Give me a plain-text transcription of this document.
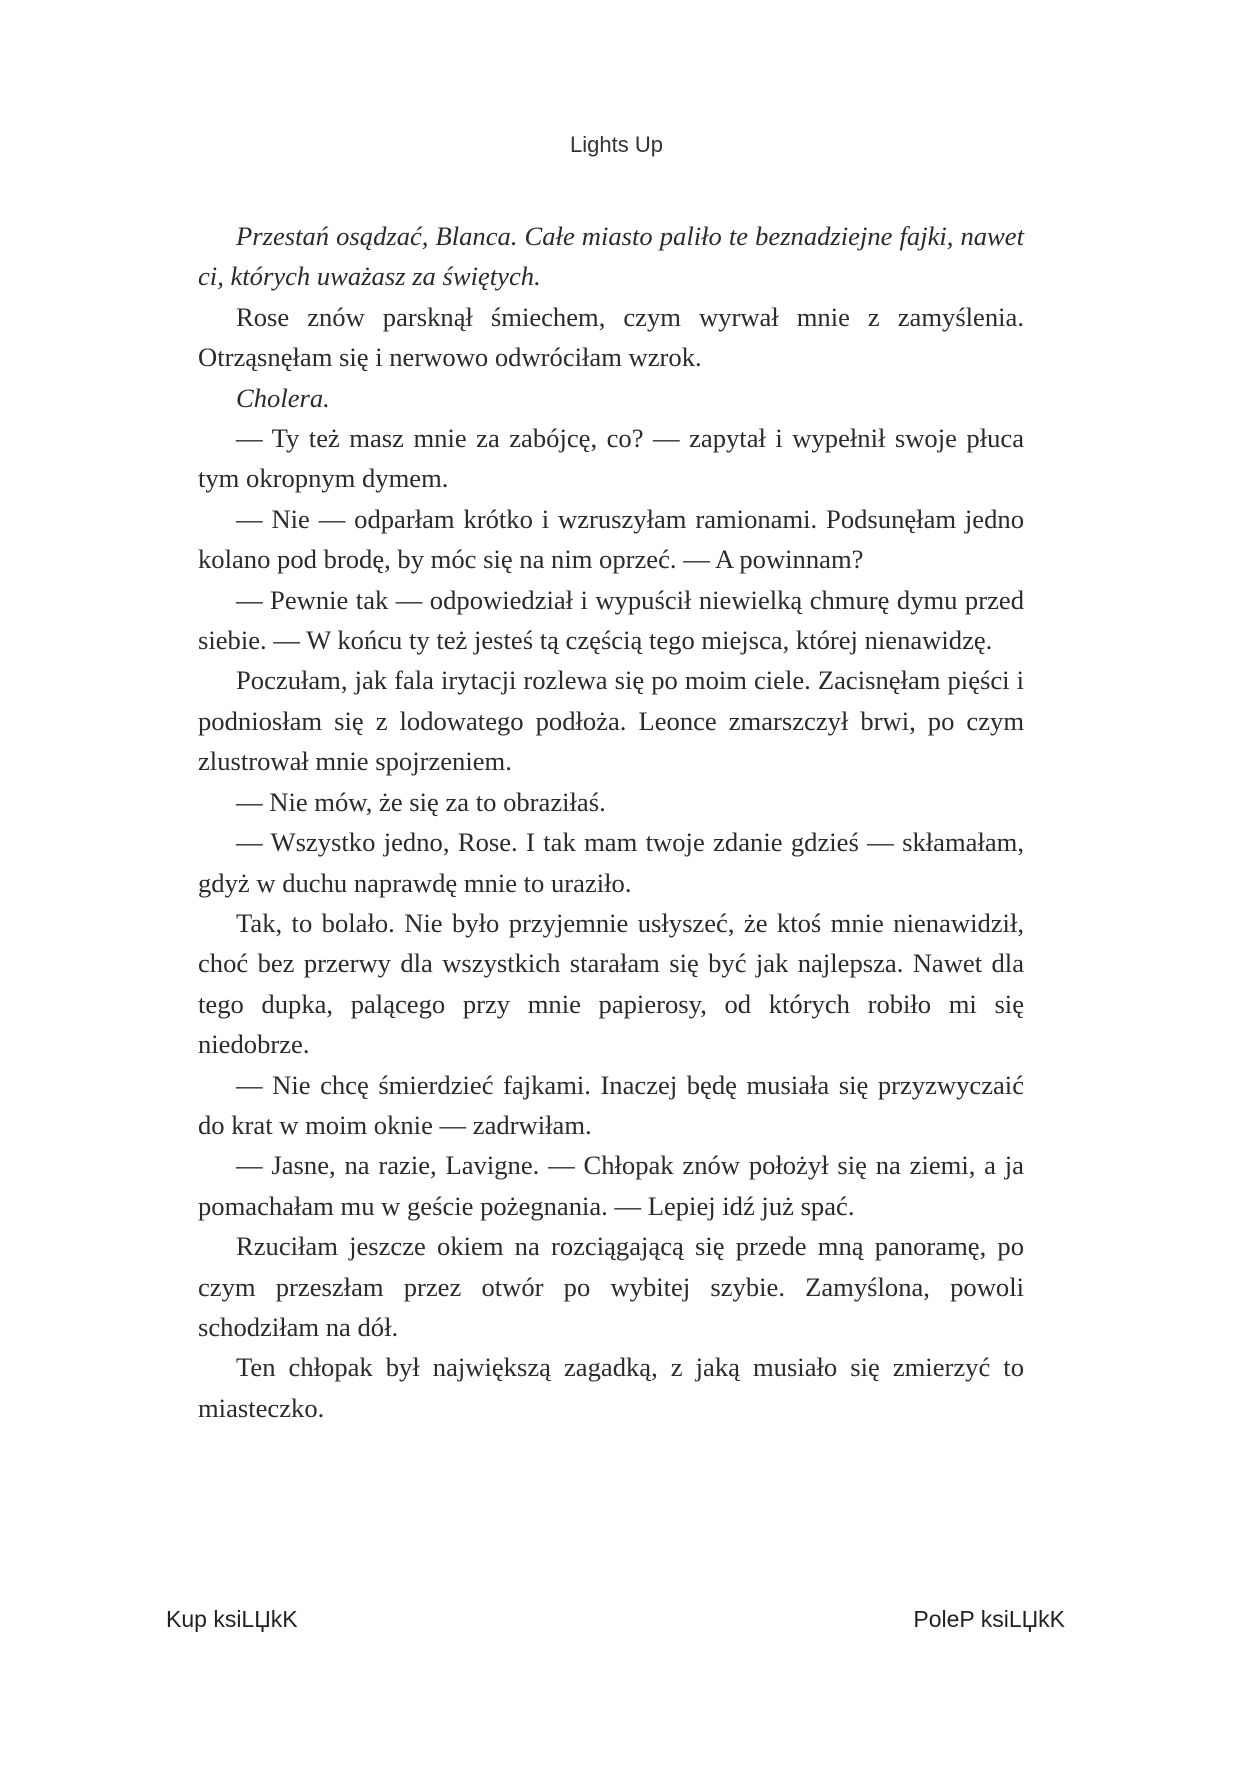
Lights Up

Przestań osądzać, Blanca. Całe miasto paliło te beznadziejne fajki, nawet ci, których uważasz za świętych.

Rose znów parsknął śmiechem, czym wyrwał mnie z zamyślenia. Otrząsnęłam się i nerwowo odwróciłam wzrok.

Cholera.

— Ty też masz mnie za zabójcę, co? — zapytał i wypełnił swoje płuca tym okropnym dymem.

— Nie — odparłam krótko i wzruszyłam ramionami. Podsunęłam jedno kolano pod brodę, by móc się na nim oprzeć. — A powinnam?

— Pewnie tak — odpowiedział i wypuścił niewielką chmurę dymu przed siebie. — W końcu ty też jesteś tą częścią tego miejsca, której nienawidzę.

Poczułam, jak fala irytacji rozlewa się po moim ciele. Zacisnęłam pięści i podniosłam się z lodowatego podłoża. Leonce zmarszczył brwi, po czym zlustrował mnie spojrzeniem.

— Nie mów, że się za to obraziłaś.

— Wszystko jedno, Rose. I tak mam twoje zdanie gdzieś — skłamałam, gdyż w duchu naprawdę mnie to uraziło.

Tak, to bolało. Nie było przyjemnie usłyszeć, że ktoś mnie nienawidził, choć bez przerwy dla wszystkich starałam się być jak najlepsza. Nawet dla tego dupka, palącego przy mnie papierosy, od których robiło mi się niedobrze.

— Nie chcę śmierdzieć fajkami. Inaczej będę musiała się przyzwyczaić do krat w moim oknie — zadrwiłam.

— Jasne, na razie, Lavigne. — Chłopak znów położył się na ziemi, a ja pomachałam mu w geście pożegnania. — Lepiej idź już spać.

Rzuciłam jeszcze okiem na rozciągającą się przede mną panoramę, po czym przeszłam przez otwór po wybitej szybie. Zamyślona, powoli schodziłam na dół.

Ten chłopak był największą zagadką, z jaką musiało się zmierzyć to miasteczko.

Kup ksiLЏkK	PoleP ksiLЏkK
